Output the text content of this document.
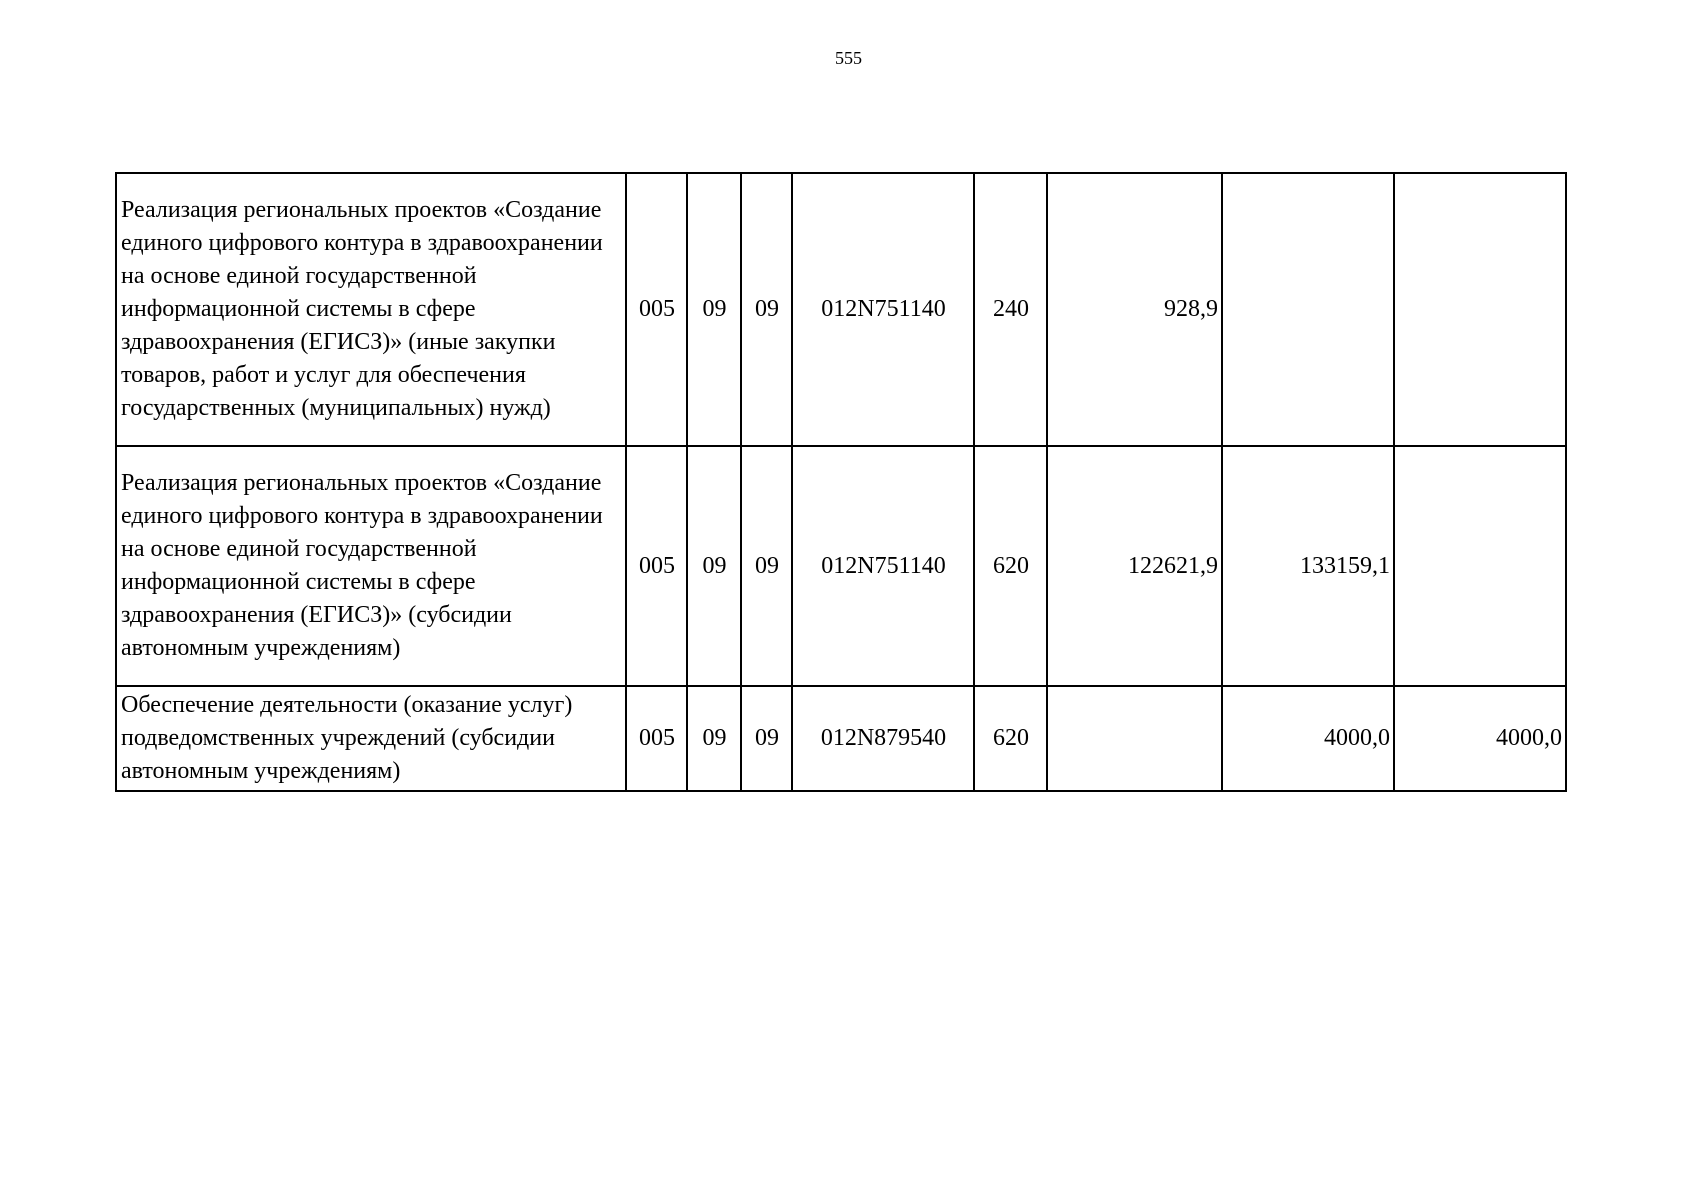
555
Реализация региональных проектов «Создание единого цифрового контура в здравоохранении на основе единой государственной информационной системы в сфере здравоохранения (ЕГИСЗ)» (иные закупки товаров, работ и услуг для обеспечения государственных (муниципальных) нужд)	005	09	09	012N751140	240	928,9		
Реализация региональных проектов «Создание единого цифрового контура в здравоохранении на основе единой государственной информационной системы в сфере здравоохранения (ЕГИСЗ)» (субсидии автономным учреждениям)	005	09	09	012N751140	620	122621,9	133159,1	
Обеспечение деятельности (оказание услуг) подведомственных учреждений (субсидии автономным учреждениям)	005	09	09	012N879540	620		4000,0	4000,0
